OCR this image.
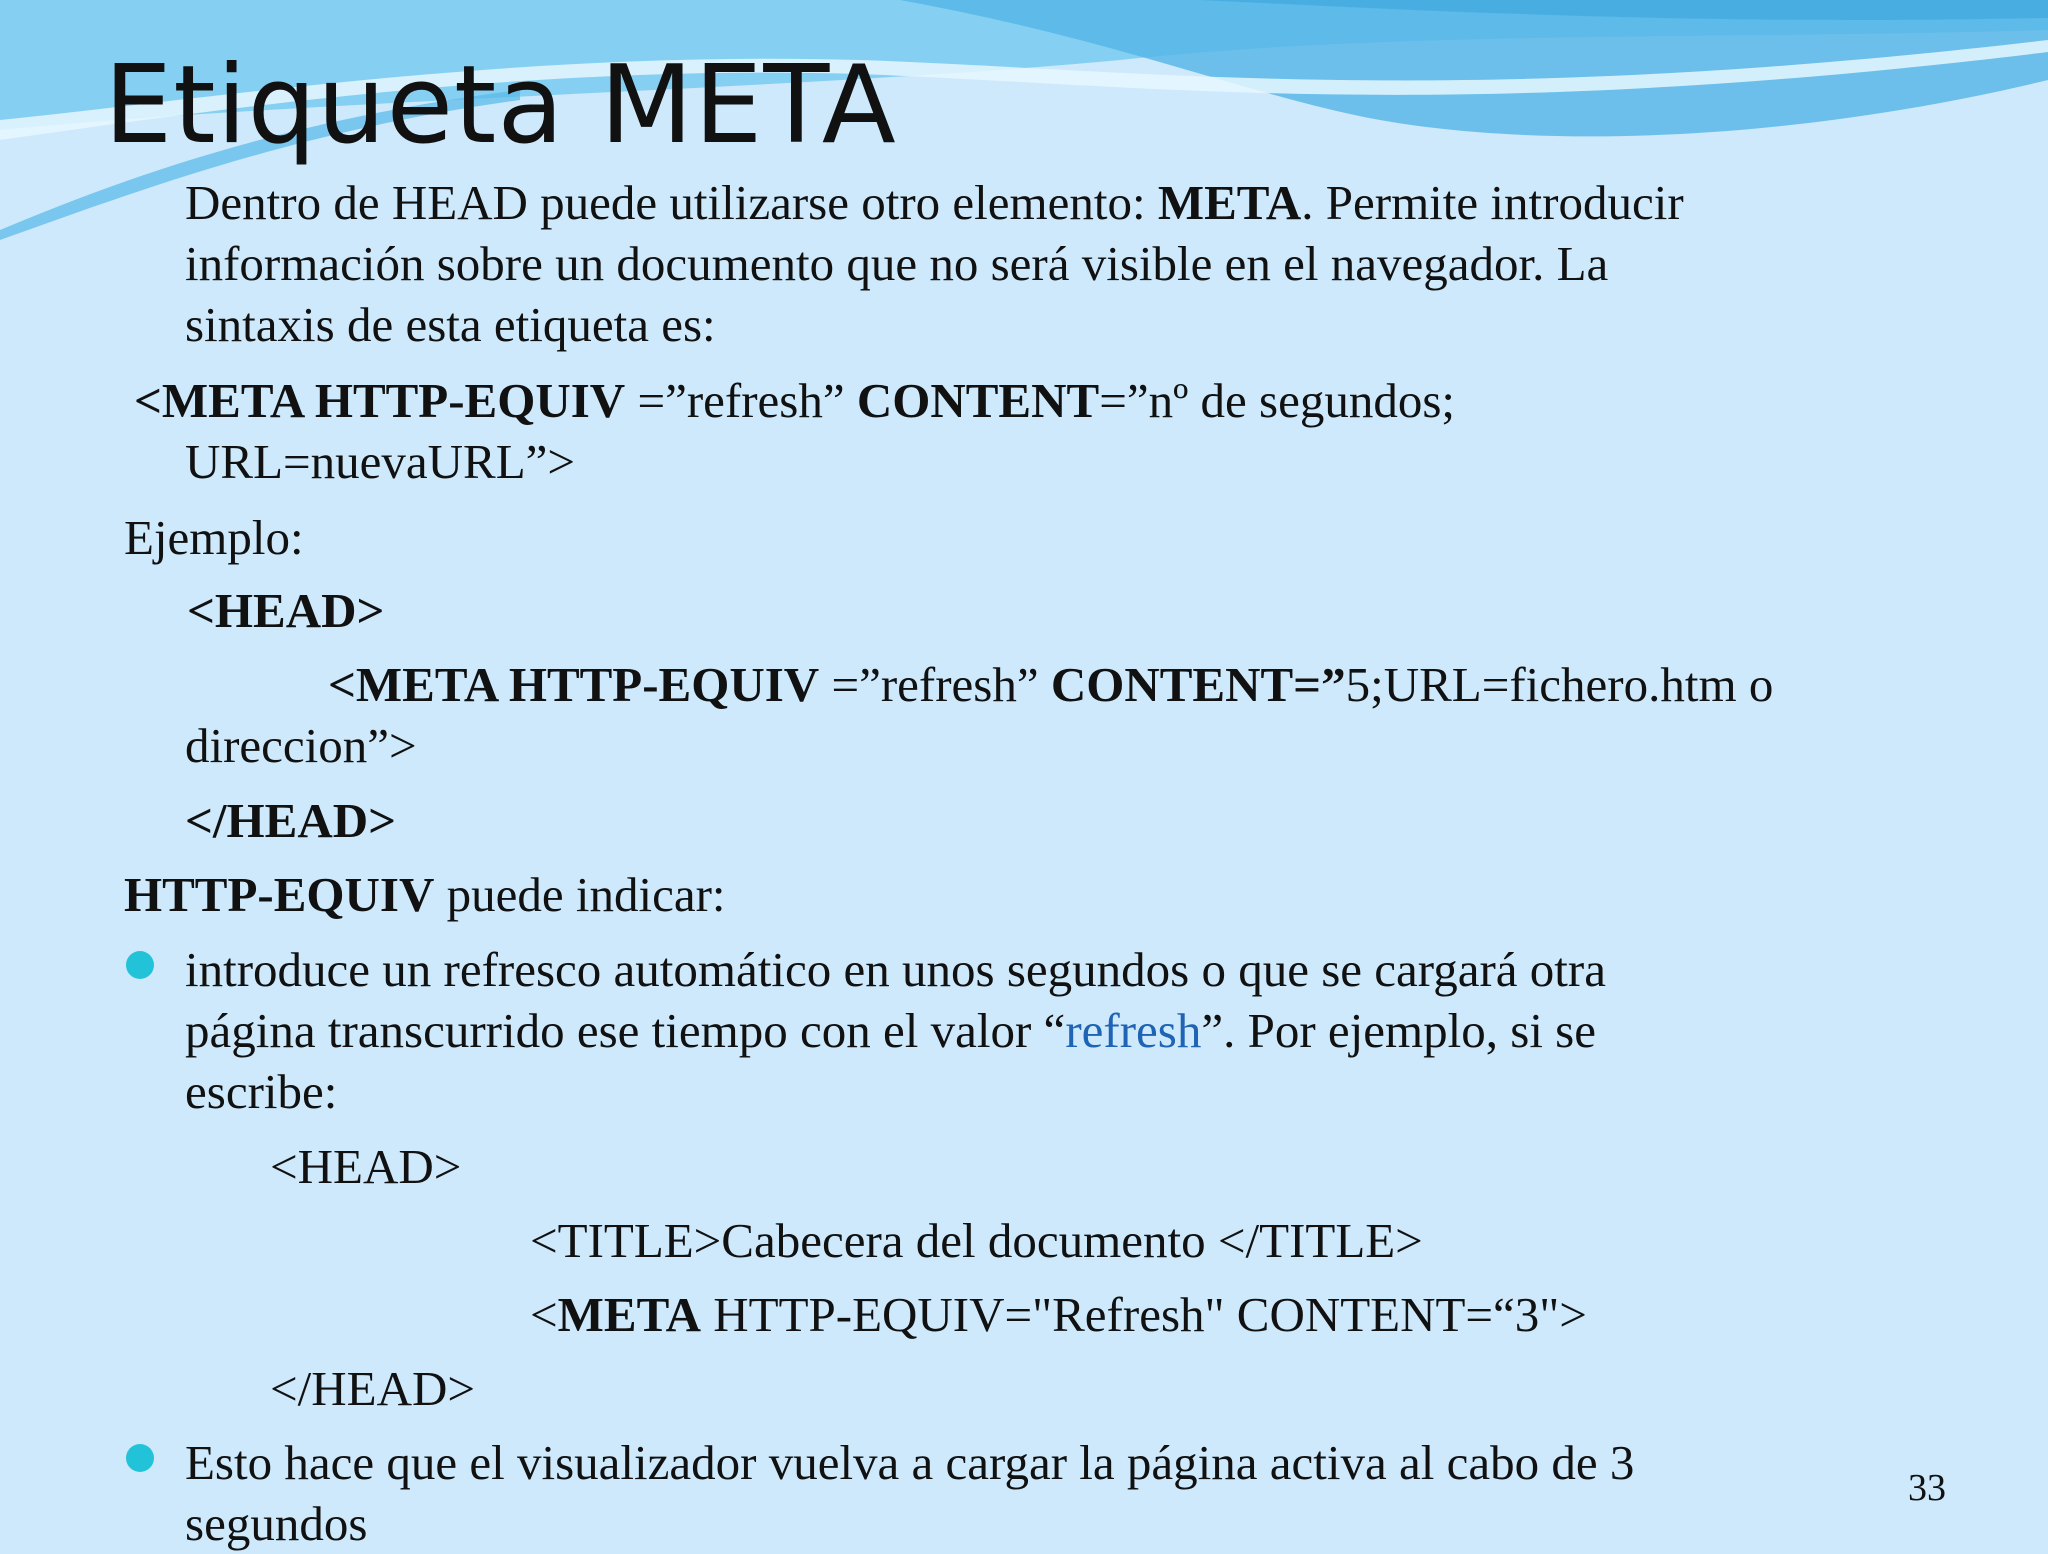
Etiqueta META
Dentro de HEAD puede utilizarse otro elemento: META. Permite introducir
información sobre un documento que no será visible en el navegador. La
sintaxis de esta etiqueta es:
<META HTTP-EQUIV =”refresh” CONTENT=”nº de segundos;
URL=nuevaURL”>
Ejemplo:
<HEAD>
<META HTTP-EQUIV =”refresh” CONTENT=”5;URL=fichero.htm o
direccion”>
</HEAD>
HTTP-EQUIV puede indicar:
introduce un refresco automático en unos segundos o que se cargará otra
página transcurrido ese tiempo con el valor “refresh”. Por ejemplo, si se
escribe:
<HEAD>
<TITLE>Cabecera del documento </TITLE>
<META HTTP-EQUIV="Refresh" CONTENT=“3">
</HEAD>
Esto hace que el visualizador vuelva a cargar la página activa al cabo de 3
segundos
33
